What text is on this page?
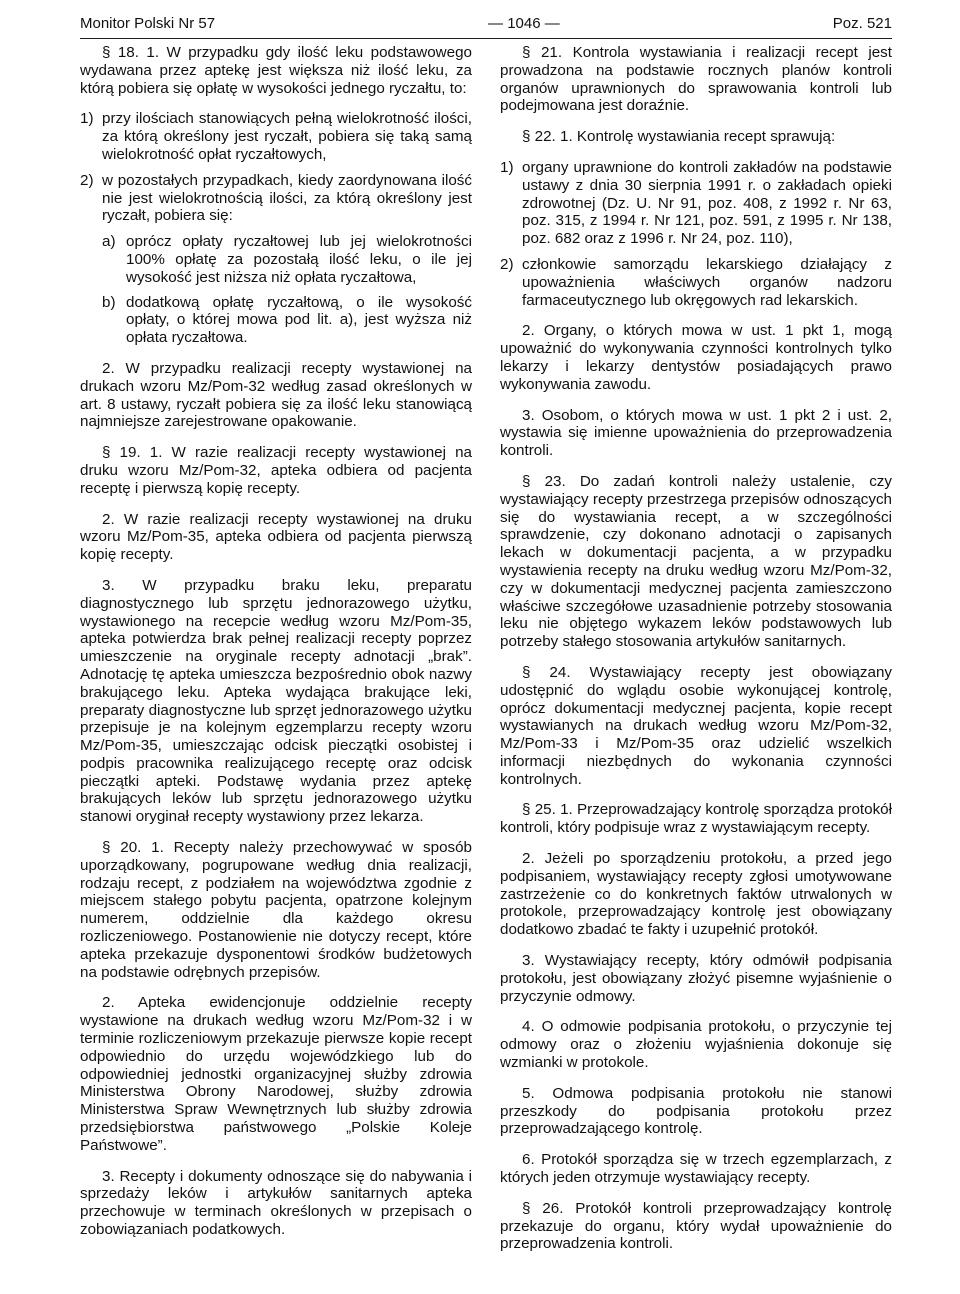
Monitor Polski Nr 57	— 1046 —	Poz. 521

§ 18. 1. W przypadku gdy ilość leku podstawowego wydawana przez aptekę jest większa niż ilość leku, za którą pobiera się opłatę w wysokości jednego ryczałtu, to:

1) przy ilościach stanowiących pełną wielokrotność ilości, za którą określony jest ryczałt, pobiera się taką samą wielokrotność opłat ryczałtowych,

2) w pozostałych przypadkach, kiedy zaordynowana ilość nie jest wielokrotnością ilości, za którą określony jest ryczałt, pobiera się:

a) oprócz opłaty ryczałtowej lub jej wielokrotności 100% opłatę za pozostałą ilość leku, o ile jej wysokość jest niższa niż opłata ryczałtowa,

b) dodatkową opłatę ryczałtową, o ile wysokość opłaty, o której mowa pod lit. a), jest wyższa niż opłata ryczałtowa.

2. W przypadku realizacji recepty wystawionej na drukach wzoru Mz/Pom-32 według zasad określonych w art. 8 ustawy, ryczałt pobiera się za ilość leku stanowiącą najmniejsze zarejestrowane opakowanie.

§ 19. 1. W razie realizacji recepty wystawionej na druku wzoru Mz/Pom-32, apteka odbiera od pacjenta receptę i pierwszą kopię recepty.

2. W razie realizacji recepty wystawionej na druku wzoru Mz/Pom-35, apteka odbiera od pacjenta pierwszą kopię recepty.

3. W przypadku braku leku, preparatu diagnostycznego lub sprzętu jednorazowego użytku, wystawionego na recepcie według wzoru Mz/Pom-35, apteka potwierdza brak pełnej realizacji recepty poprzez umieszczenie na oryginale recepty adnotacji „brak”. Adnotację tę apteka umieszcza bezpośrednio obok nazwy brakującego leku. Apteka wydająca brakujące leki, preparaty diagnostyczne lub sprzęt jednorazowego użytku przepisuje je na kolejnym egzemplarzu recepty wzoru Mz/Pom-35, umieszczając odcisk pieczątki osobistej i podpis pracownika realizującego receptę oraz odcisk pieczątki apteki. Podstawę wydania przez aptekę brakujących leków lub sprzętu jednorazowego użytku stanowi oryginał recepty wystawiony przez lekarza.

§ 20. 1. Recepty należy przechowywać w sposób uporządkowany, pogrupowane według dnia realizacji, rodzaju recept, z podziałem na województwa zgodnie z miejscem stałego pobytu pacjenta, opatrzone kolejnym numerem, oddzielnie dla każdego okresu rozliczeniowego. Postanowienie nie dotyczy recept, które apteka przekazuje dysponentowi środków budżetowych na podstawie odrębnych przepisów.

2. Apteka ewidencjonuje oddzielnie recepty wystawione na drukach według wzoru Mz/Pom-32 i w terminie rozliczeniowym przekazuje pierwsze kopie recept odpowiednio do urzędu wojewódzkiego lub do odpowiedniej jednostki organizacyjnej służby zdrowia Ministerstwa Obrony Narodowej, służby zdrowia Ministerstwa Spraw Wewnętrznych lub służby zdrowia przedsiębiorstwa państwowego „Polskie Koleje Państwowe”.

3. Recepty i dokumenty odnoszące się do nabywania i sprzedaży leków i artykułów sanitarnych apteka przechowuje w terminach określonych w przepisach o zobowiązaniach podatkowych.

§ 21. Kontrola wystawiania i realizacji recept jest prowadzona na podstawie rocznych planów kontroli organów uprawnionych do sprawowania kontroli lub podejmowana jest doraźnie.

§ 22. 1. Kontrolę wystawiania recept sprawują:

1) organy uprawnione do kontroli zakładów na podstawie ustawy z dnia 30 sierpnia 1991 r. o zakładach opieki zdrowotnej (Dz. U. Nr 91, poz. 408, z 1992 r. Nr 63, poz. 315, z 1994 r. Nr 121, poz. 591, z 1995 r. Nr 138, poz. 682 oraz z 1996 r. Nr 24, poz. 110),

2) członkowie samorządu lekarskiego działający z upoważnienia właściwych organów nadzoru farmaceutycznego lub okręgowych rad lekarskich.

2. Organy, o których mowa w ust. 1 pkt 1, mogą upoważnić do wykonywania czynności kontrolnych tylko lekarzy i lekarzy dentystów posiadających prawo wykonywania zawodu.

3. Osobom, o których mowa w ust. 1 pkt 2 i ust. 2, wystawia się imienne upoważnienia do przeprowadzenia kontroli.

§ 23. Do zadań kontroli należy ustalenie, czy wystawiający recepty przestrzega przepisów odnoszących się do wystawiania recept, a w szczególności sprawdzenie, czy dokonano adnotacji o zapisanych lekach w dokumentacji pacjenta, a w przypadku wystawienia recepty na druku według wzoru Mz/Pom-32, czy w dokumentacji medycznej pacjenta zamieszczono właściwe szczegółowe uzasadnienie potrzeby stosowania leku nie objętego wykazem leków podstawowych lub potrzeby stałego stosowania artykułów sanitarnych.

§ 24. Wystawiający recepty jest obowiązany udostępnić do wglądu osobie wykonującej kontrolę, oprócz dokumentacji medycznej pacjenta, kopie recept wystawianych na drukach według wzoru Mz/Pom-32, Mz/Pom-33 i Mz/Pom-35 oraz udzielić wszelkich informacji niezbędnych do wykonania czynności kontrolnych.

§ 25. 1. Przeprowadzający kontrolę sporządza protokół kontroli, który podpisuje wraz z wystawiającym recepty.

2. Jeżeli po sporządzeniu protokołu, a przed jego podpisaniem, wystawiający recepty zgłosi umotywowane zastrzeżenie co do konkretnych faktów utrwalonych w protokole, przeprowadzający kontrolę jest obowiązany dodatkowo zbadać te fakty i uzupełnić protokół.

3. Wystawiający recepty, który odmówił podpisania protokołu, jest obowiązany złożyć pisemne wyjaśnienie o przyczynie odmowy.

4. O odmowie podpisania protokołu, o przyczynie tej odmowy oraz o złożeniu wyjaśnienia dokonuje się wzmianki w protokole.

5. Odmowa podpisania protokołu nie stanowi przeszkody do podpisania protokołu przez przeprowadzającego kontrolę.

6. Protokół sporządza się w trzech egzemplarzach, z których jeden otrzymuje wystawiający recepty.

§ 26. Protokół kontroli przeprowadzający kontrolę przekazuje do organu, który wydał upoważnienie do przeprowadzenia kontroli.
